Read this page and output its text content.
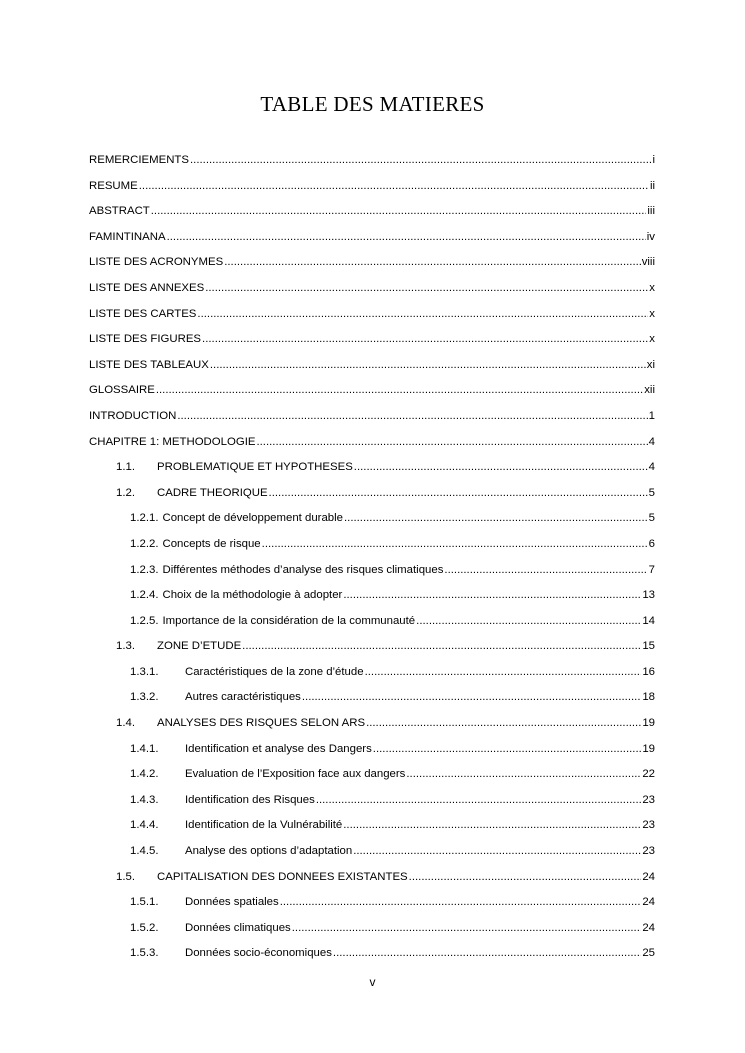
TABLE DES MATIERES
REMERCIEMENTS .....	i
RESUME .....	ii
ABSTRACT .....	iii
FAMINTINANA .....	iv
LISTE DES ACRONYMES .....	viii
LISTE DES ANNEXES .....	x
LISTE DES CARTES .....	x
LISTE DES FIGURES .....	x
LISTE DES TABLEAUX .....	xi
GLOSSAIRE .....	xii
INTRODUCTION .....	1
CHAPITRE 1: METHODOLOGIE .....	4
1.1.	PROBLEMATIQUE ET HYPOTHESES .....	4
1.2.	CADRE THEORIQUE .....	5
1.2.1. Concept de développement durable .....	5
1.2.2. Concepts de risque .....	6
1.2.3. Différentes méthodes d’analyse des risques climatiques .....	7
1.2.4. Choix de la méthodologie à adopter .....	13
1.2.5. Importance de la considération de la communauté .....	14
1.3.	ZONE D’ETUDE .....	15
1.3.1.	Caractéristiques de la zone d’étude .....	16
1.3.2.	Autres caractéristiques .....	18
1.4.	ANALYSES DES RISQUES SELON ARS .....	19
1.4.1.	Identification et analyse des Dangers .....	19
1.4.2.	Evaluation de l’Exposition face aux dangers .....	22
1.4.3.	Identification des Risques .....	23
1.4.4.	Identification de la Vulnérabilité .....	23
1.4.5.	Analyse des options d’adaptation .....	23
1.5.	CAPITALISATION DES DONNEES EXISTANTES .....	24
1.5.1.	Données spatiales .....	24
1.5.2.	Données climatiques .....	24
1.5.3.	Données socio-économiques .....	25
v
